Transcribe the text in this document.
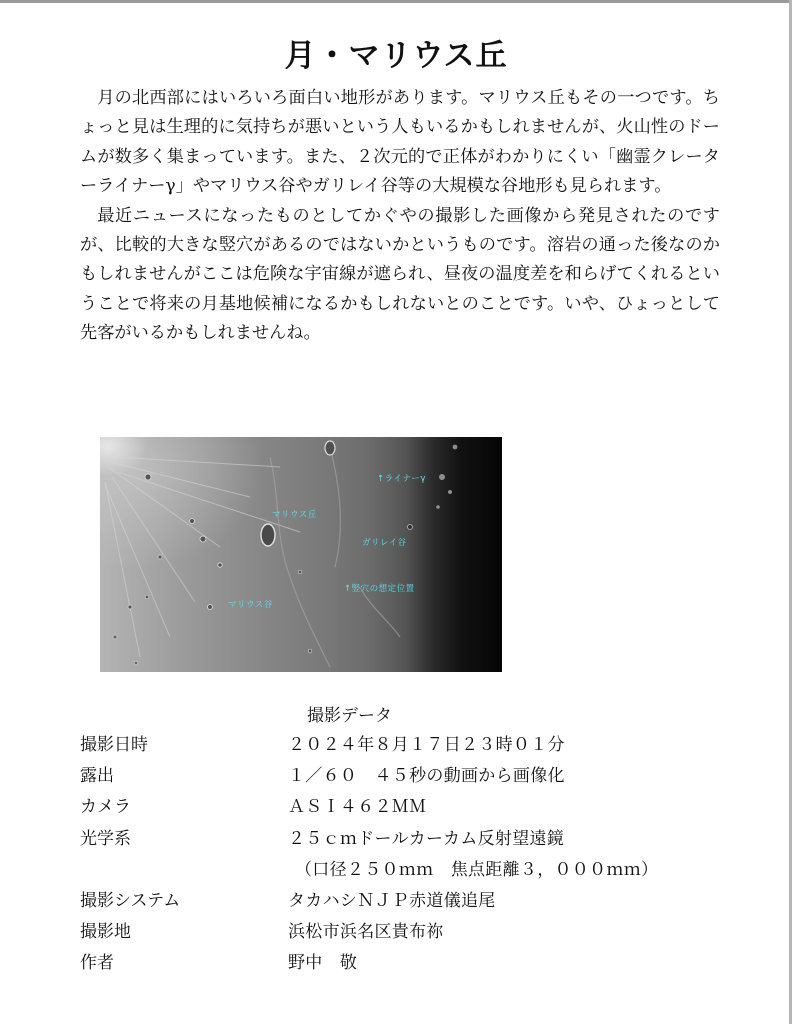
月・マリウス丘

月の北西部にはいろいろ面白い地形があります。マリウス丘もその一つです。ちょっと見は生理的に気持ちが悪いという人もいるかもしれませんが、火山性のドームが数多く集まっています。また、２次元的で正体がわかりにくい「幽霊クレーターライナーγ」やマリウス谷やガリレイ谷等の大規模な谷地形も見られます。

最近ニュースになったものとしてかぐやの撮影した画像から発見されたのですが、比較的大きな竪穴があるのではないかというものです。溶岩の通った後なのかもしれませんがここは危険な宇宙線が遮られ、昼夜の温度差を和らげてくれるということで将来の月基地候補になるかもしれないとのことです。いや、ひょっとして先客がいるかもしれませんね。

↑ライナーγ
マリウス丘
ガリレイ谷
↑竪穴の想定位置
マリウス谷
撮影データ
撮影日時	２０２４年８月１７日２３時０１分
露出	１／６０　４５秒の動画から画像化
カメラ	ＡＳＩ４６２ＭＭ
光学系	２５ｃｍドールカーカム反射望遠鏡
（口径２５０ｍｍ　焦点距離３，０００ｍｍ）
撮影システム	タカハシＮＪＰ赤道儀追尾
撮影地	浜松市浜名区貴布祢
作者	野中　敬
